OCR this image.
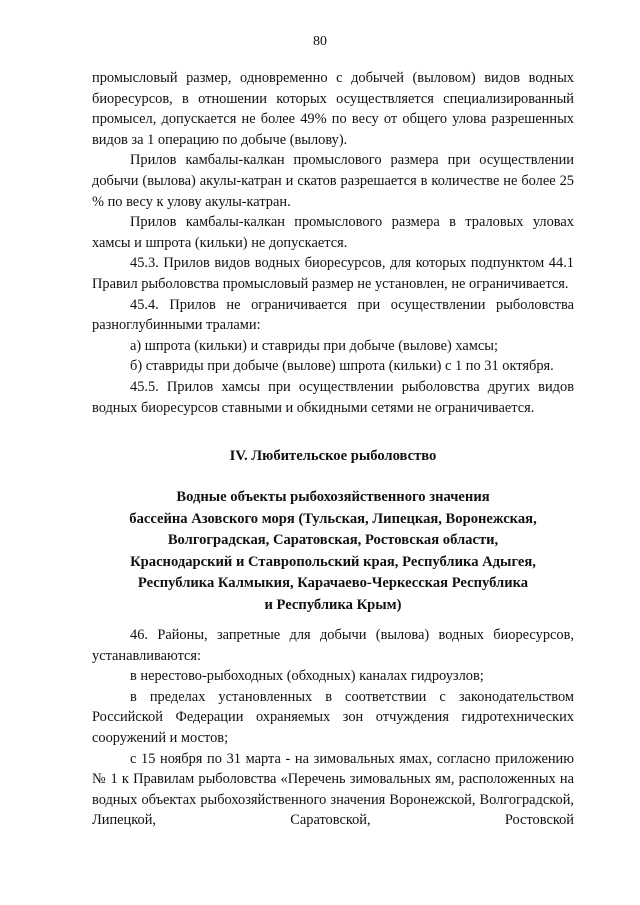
80

промысловый размер, одновременно с добычей (выловом) видов водных биоресурсов, в отношении которых осуществляется специализированный промысел, допускается не более 49% по весу от общего улова разрешенных видов за 1 операцию по добыче (вылову).

Прилов камбалы-калкан промыслового размера при осуществлении добычи (вылова) акулы-катран и скатов разрешается в количестве не более 25 % по весу к улову акулы-катран.

Прилов камбалы-калкан промыслового размера в траловых уловах хамсы и шпрота (кильки) не допускается.

45.3. Прилов видов водных биоресурсов, для которых подпунктом 44.1 Правил рыболовства промысловый размер не установлен, не ограничивается.

45.4. Прилов не ограничивается при осуществлении рыболовства разноглубинными тралами:

а) шпрота (кильки) и ставриды при добыче (вылове) хамсы;

б) ставриды при добыче (вылове) шпрота (кильки) с 1 по 31 октября.

45.5. Прилов хамсы при осуществлении рыболовства других видов водных биоресурсов ставными и обкидными сетями не ограничивается.

IV. Любительское рыболовство
Водные объекты рыбохозяйственного значения
бассейна Азовского моря (Тульская, Липецкая, Воронежская,
Волгоградская, Саратовская, Ростовская области,
Краснодарский и Ставропольский края, Республика Адыгея,
Республика Калмыкия, Карачаево-Черкесская Республика
и Республика Крым)

46. Районы, запретные для добычи (вылова) водных биоресурсов, устанавливаются:

в нерестово-рыбоходных (обходных) каналах гидроузлов;

в пределах установленных в соответствии с законодательством Российской Федерации охраняемых зон отчуждения гидротехнических сооружений и мостов;

с 15 ноября по 31 марта - на зимовальных ямах, согласно приложению № 1 к Правилам рыболовства «Перечень зимовальных ям, расположенных на водных объектах рыбохозяйственного значения Воронежской, Волгоградской, Липецкой, Саратовской, Ростовской
